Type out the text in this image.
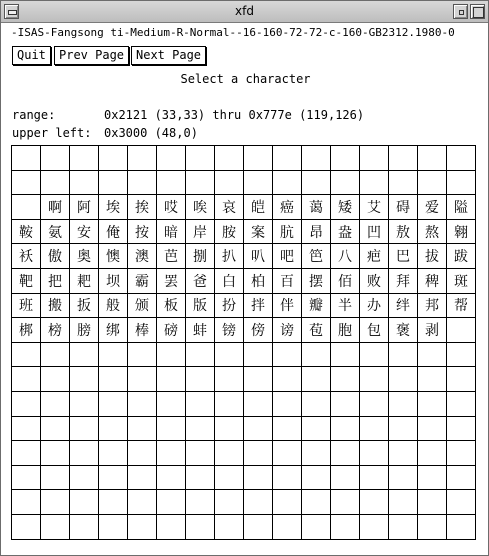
xfd
-ISAS-Fangsong ti-Medium-R-Normal--16-160-72-72-c-160-GB2312.1980-0
Quit	Prev Page Next Page
Select a character
range:	0x2121 (33,33) thru 0x777e (119,126)
upper left: 0x3000 (48,0)

	啊	阿	埃	挨	哎	唉	哀	皑	癌	蔼	矮	艾	碍	爱	隘
鞍	氨	安	俺	按	暗	岸	胺	案	肮	昂	盎	凹	敖	熬	翱
袄	傲	奥	懊	澳	芭	捌	扒	叭	吧	笆	八	疤	巴	拔	跋
靶	把	耙	坝	霸	罢	爸	白	柏	百	摆	佰	败	拜	稗	斑
班	搬	扳	般	颁	板	版	扮	拌	伴	瓣	半	办	绊	邦	帮
梆	榜	膀	绑	棒	磅	蚌	镑	傍	谤	苞	胞	包	褒	剥	
